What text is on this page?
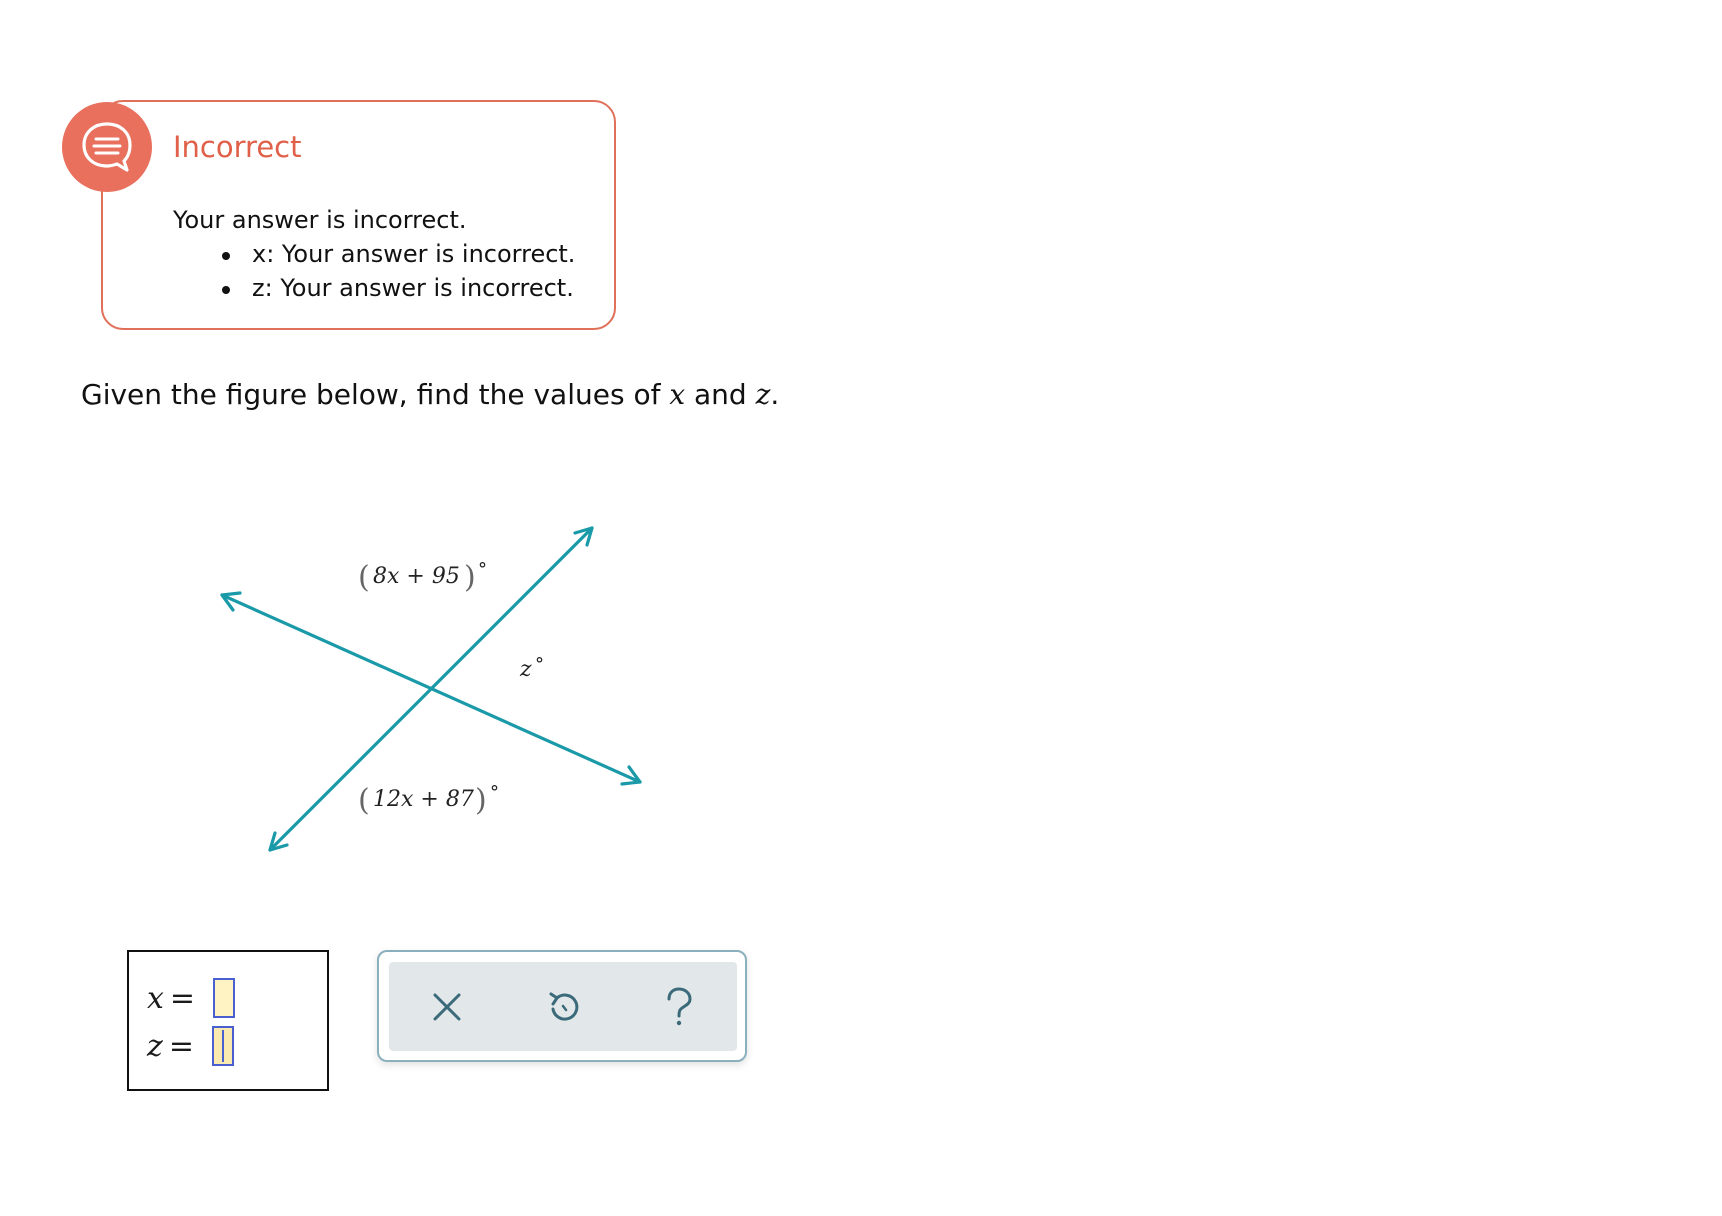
Incorrect
Your answer is incorrect.
x: Your answer is incorrect.
z: Your answer is incorrect.
Given the figure below, find the values of x and z.
( 8x + 95 ) °
z °
( 12x + 87 ) °
x =
z =
